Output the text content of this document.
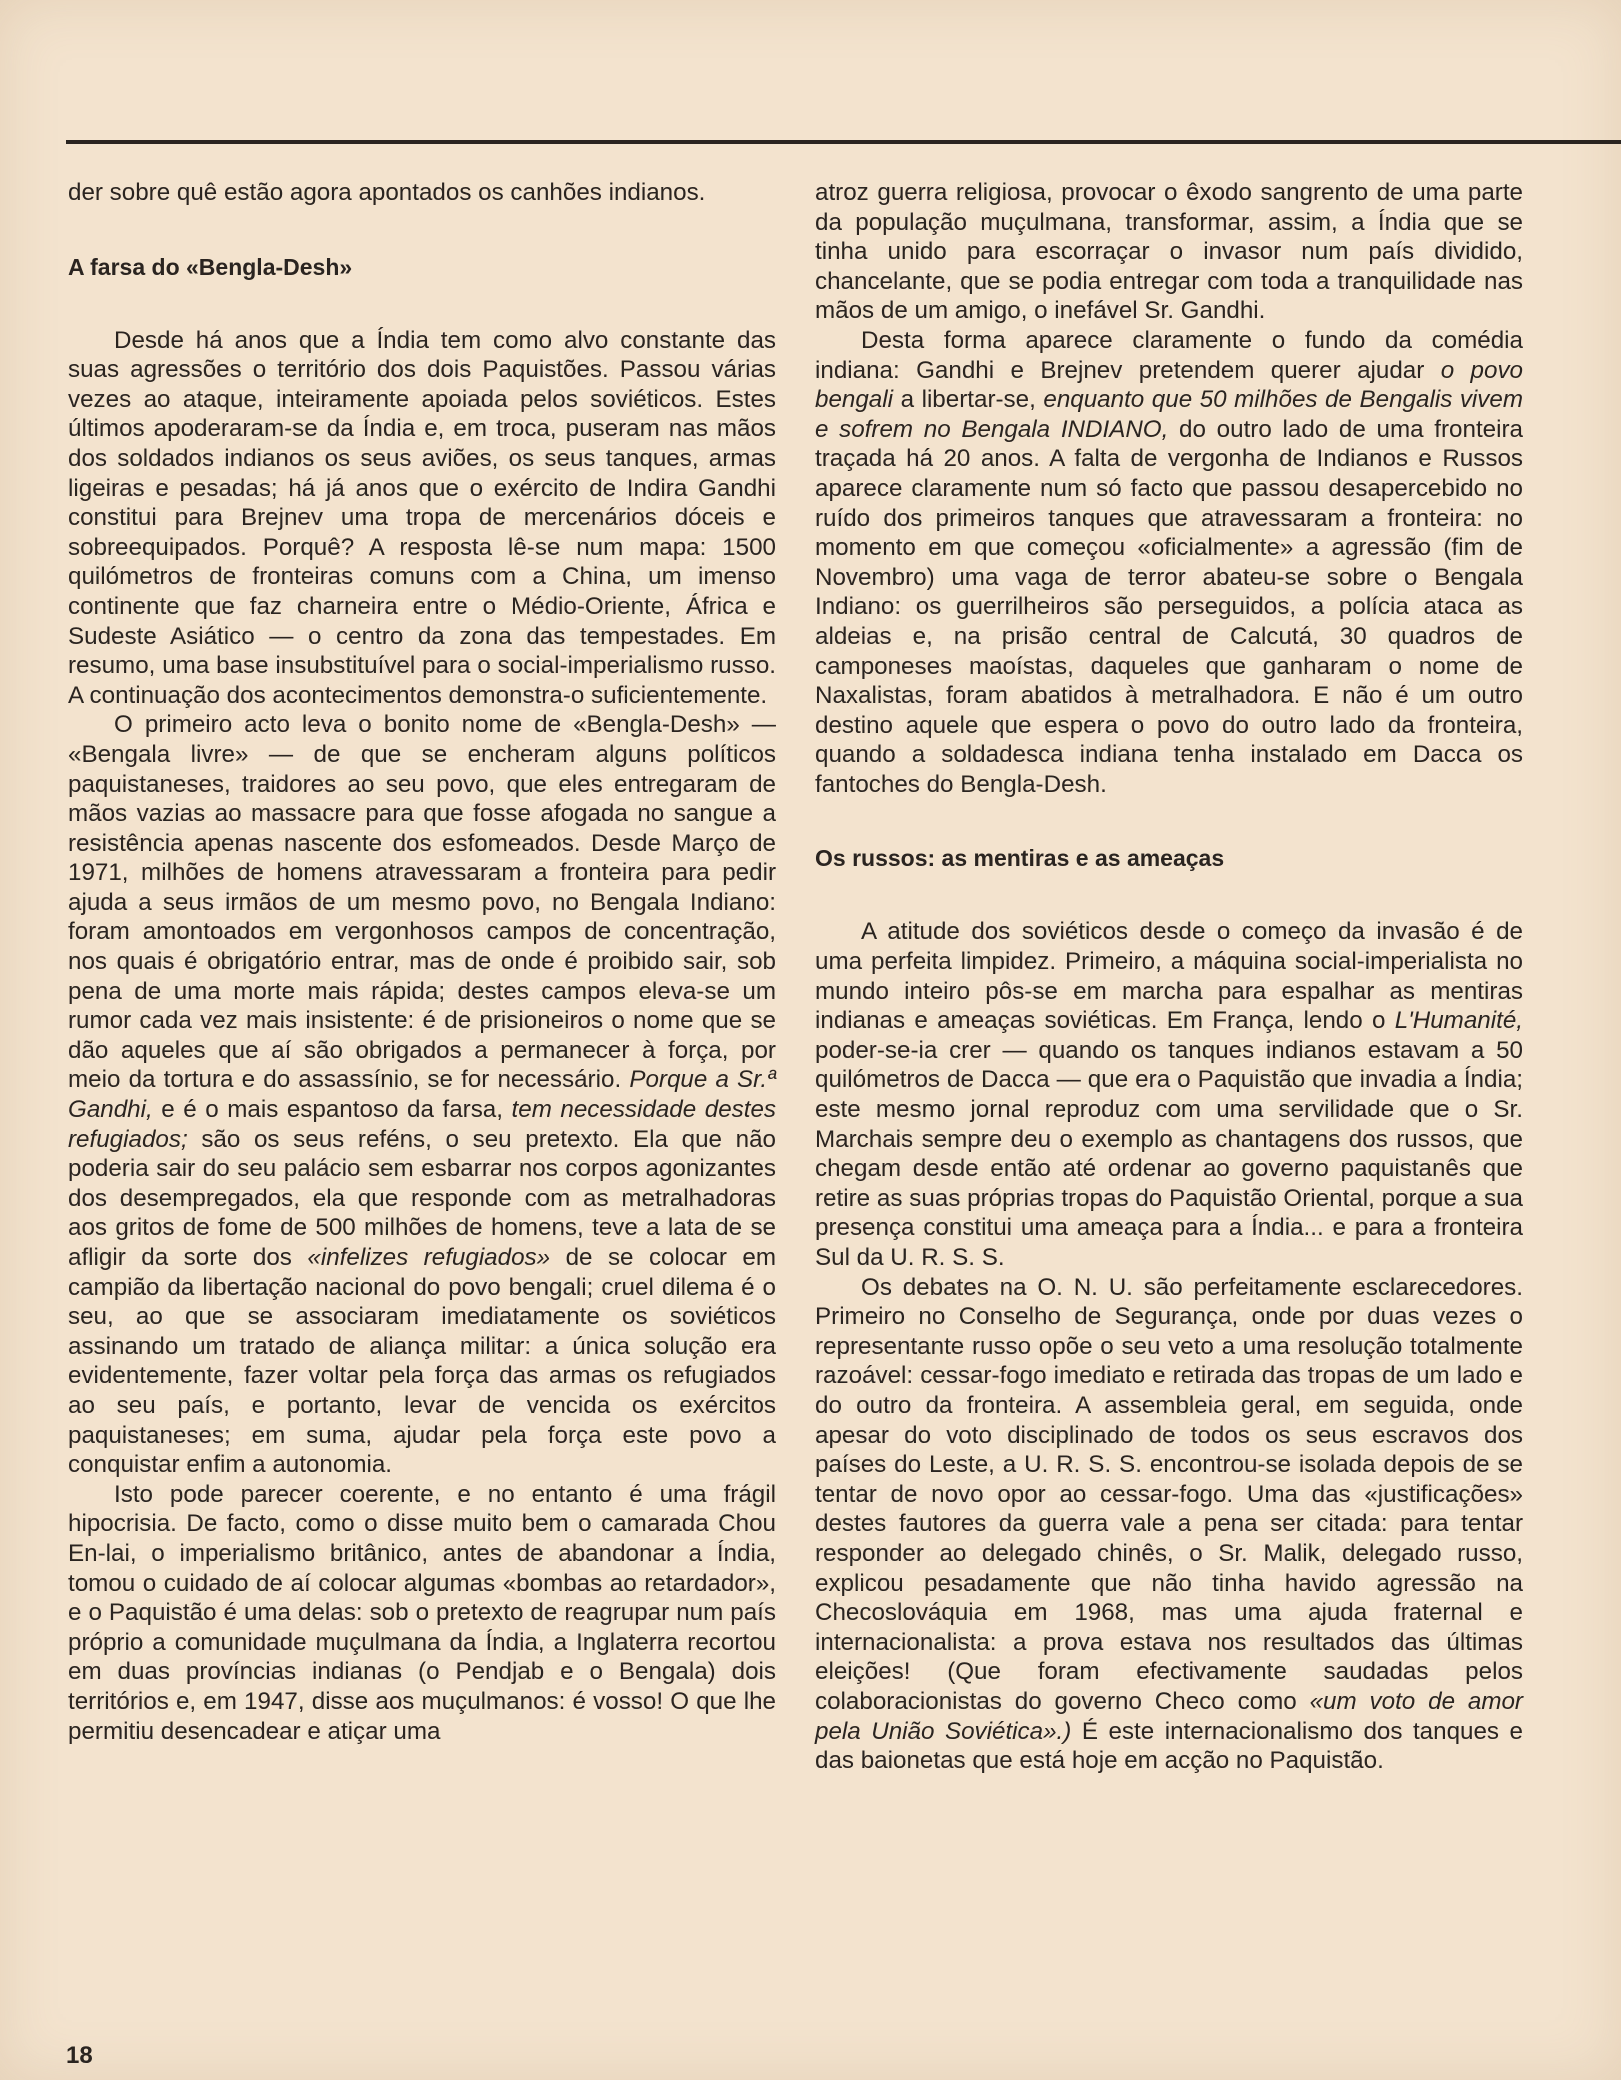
der sobre quê estão agora apontados os canhões indianos.

A farsa do «Bengla-Desh»

Desde há anos que a Índia tem como alvo constante das suas agressões o território dos dois Paquistões. Passou várias vezes ao ataque, inteiramente apoiada pelos soviéticos. Estes últimos apoderaram-se da Índia e, em troca, puseram nas mãos dos soldados indianos os seus aviões, os seus tanques, armas ligeiras e pesadas; há já anos que o exército de Indira Gandhi constitui para Brejnev uma tropa de mercenários dóceis e sobreequipados. Porquê? A resposta lê-se num mapa: 1500 quilómetros de fronteiras comuns com a China, um imenso continente que faz charneira entre o Médio-Oriente, África e Sudeste Asiático — o centro da zona das tempestades. Em resumo, uma base insubstituível para o social-imperialismo russo. A continuação dos acontecimentos demonstra-o suficientemente.

O primeiro acto leva o bonito nome de «Bengla-Desh» — «Bengala livre» — de que se encheram alguns políticos paquistaneses, traidores ao seu povo, que eles entregaram de mãos vazias ao massacre para que fosse afogada no sangue a resistência apenas nascente dos esfomeados. Desde Março de 1971, milhões de homens atravessaram a fronteira para pedir ajuda a seus irmãos de um mesmo povo, no Bengala Indiano: foram amontoados em vergonhosos campos de concentração, nos quais é obrigatório entrar, mas de onde é proibido sair, sob pena de uma morte mais rápida; destes campos eleva-se um rumor cada vez mais insistente: é de prisioneiros o nome que se dão aqueles que aí são obrigados a permanecer à força, por meio da tortura e do assassínio, se for necessário. Porque a Sr.ª Gandhi, e é o mais espantoso da farsa, tem necessidade destes refugiados; são os seus reféns, o seu pretexto. Ela que não poderia sair do seu palácio sem esbarrar nos corpos agonizantes dos desempregados, ela que responde com as metralhadoras aos gritos de fome de 500 milhões de homens, teve a lata de se afligir da sorte dos «infelizes refugiados» de se colocar em campião da libertação nacional do povo bengali; cruel dilema é o seu, ao que se associaram imediatamente os soviéticos assinando um tratado de aliança militar: a única solução era evidentemente, fazer voltar pela força das armas os refugiados ao seu país, e portanto, levar de vencida os exércitos paquistaneses; em suma, ajudar pela força este povo a conquistar enfim a autonomia.

Isto pode parecer coerente, e no entanto é uma frágil hipocrisia. De facto, como o disse muito bem o camarada Chou En-lai, o imperialismo britânico, antes de abandonar a Índia, tomou o cuidado de aí colocar algumas «bombas ao retardador», e o Paquistão é uma delas: sob o pretexto de reagrupar num país próprio a comunidade muçulmana da Índia, a Inglaterra recortou em duas províncias indianas (o Pendjab e o Bengala) dois territórios e, em 1947, disse aos muçulmanos: é vosso! O que lhe permitiu desencadear e atiçar uma

atroz guerra religiosa, provocar o êxodo sangrento de uma parte da população muçulmana, transformar, assim, a Índia que se tinha unido para escorraçar o invasor num país dividido, chancelante, que se podia entregar com toda a tranquilidade nas mãos de um amigo, o inefável Sr. Gandhi.

Desta forma aparece claramente o fundo da comédia indiana: Gandhi e Brejnev pretendem querer ajudar o povo bengali a libertar-se, enquanto que 50 milhões de Bengalis vivem e sofrem no Bengala INDIANO, do outro lado de uma fronteira traçada há 20 anos. A falta de vergonha de Indianos e Russos aparece claramente num só facto que passou desapercebido no ruído dos primeiros tanques que atravessaram a fronteira: no momento em que começou «oficialmente» a agressão (fim de Novembro) uma vaga de terror abateu-se sobre o Bengala Indiano: os guerrilheiros são perseguidos, a polícia ataca as aldeias e, na prisão central de Calcutá, 30 quadros de camponeses maoístas, daqueles que ganharam o nome de Naxalistas, foram abatidos à metralhadora. E não é um outro destino aquele que espera o povo do outro lado da fronteira, quando a soldadesca indiana tenha instalado em Dacca os fantoches do Bengla-Desh.

Os russos: as mentiras e as ameaças

A atitude dos soviéticos desde o começo da invasão é de uma perfeita limpidez. Primeiro, a máquina social-imperialista no mundo inteiro pôs-se em marcha para espalhar as mentiras indianas e ameaças soviéticas. Em França, lendo o L'Humanité, poder-se-ia crer — quando os tanques indianos estavam a 50 quilómetros de Dacca — que era o Paquistão que invadia a Índia; este mesmo jornal reproduz com uma servilidade que o Sr. Marchais sempre deu o exemplo as chantagens dos russos, que chegam desde então até ordenar ao governo paquistanês que retire as suas próprias tropas do Paquistão Oriental, porque a sua presença constitui uma ameaça para a Índia... e para a fronteira Sul da U. R. S. S.

Os debates na O. N. U. são perfeitamente esclarecedores. Primeiro no Conselho de Segurança, onde por duas vezes o representante russo opõe o seu veto a uma resolução totalmente razoável: cessar-fogo imediato e retirada das tropas de um lado e do outro da fronteira. A assembleia geral, em seguida, onde apesar do voto disciplinado de todos os seus escravos dos países do Leste, a U. R. S. S. encontrou-se isolada depois de se tentar de novo opor ao cessar-fogo. Uma das «justificações» destes fautores da guerra vale a pena ser citada: para tentar responder ao delegado chinês, o Sr. Malik, delegado russo, explicou pesadamente que não tinha havido agressão na Checoslováquia em 1968, mas uma ajuda fraternal e internacionalista: a prova estava nos resultados das últimas eleições! (Que foram efectivamente saudadas pelos colaboracionistas do governo Checo como «um voto de amor pela União Soviética».) É este internacionalismo dos tanques e das baionetas que está hoje em acção no Paquistão.

18
